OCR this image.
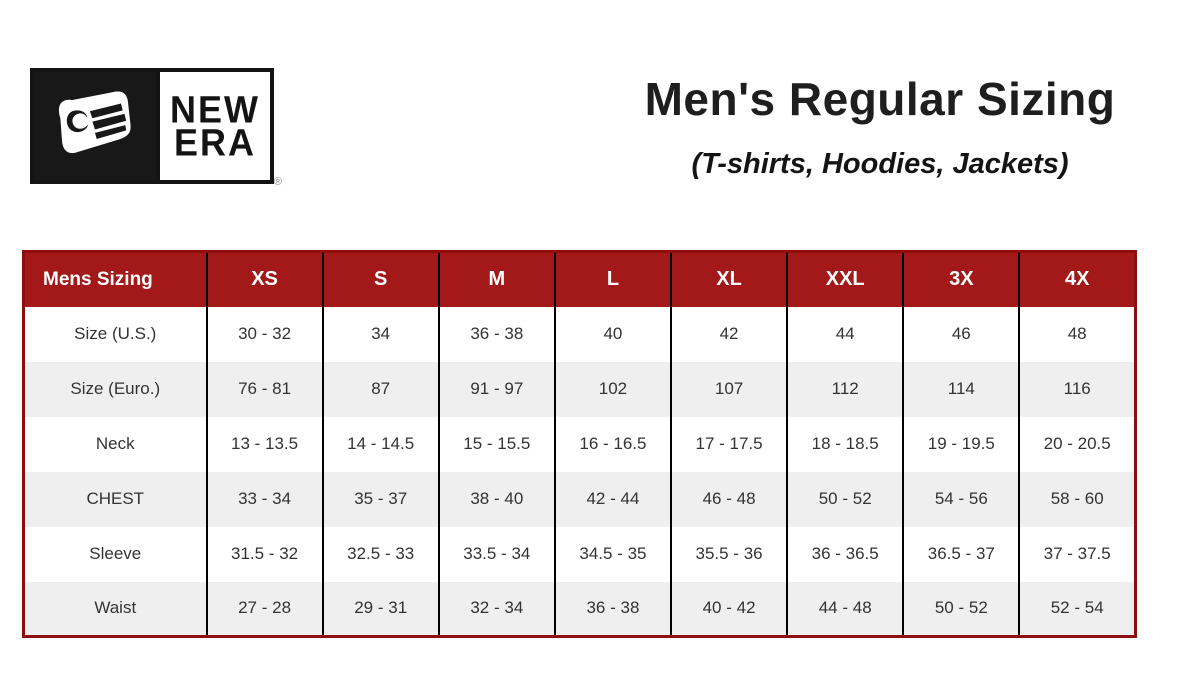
NEW
ERA
®
Men's Regular Sizing
(T-shirts, Hoodies, Jackets)
Mens Sizing	XS	S	M	L	XL	XXL	3X	4X
Size (U.S.)	30 - 32	34	36 - 38	40	42	44	46	48
Size (Euro.)	76 - 81	87	91 - 97	102	107	112	114	116
Neck	13 - 13.5	14 - 14.5	15 - 15.5	16 - 16.5	17 - 17.5	18 - 18.5	19 - 19.5	20 - 20.5
CHEST	33 - 34	35 - 37	38 - 40	42 - 44	46 - 48	50 - 52	54 - 56	58 - 60
Sleeve	31.5 - 32	32.5 - 33	33.5 - 34	34.5 - 35	35.5 - 36	36 - 36.5	36.5 - 37	37 - 37.5
Waist	27 - 28	29 - 31	32 - 34	36 - 38	40 - 42	44 - 48	50 - 52	52 - 54
